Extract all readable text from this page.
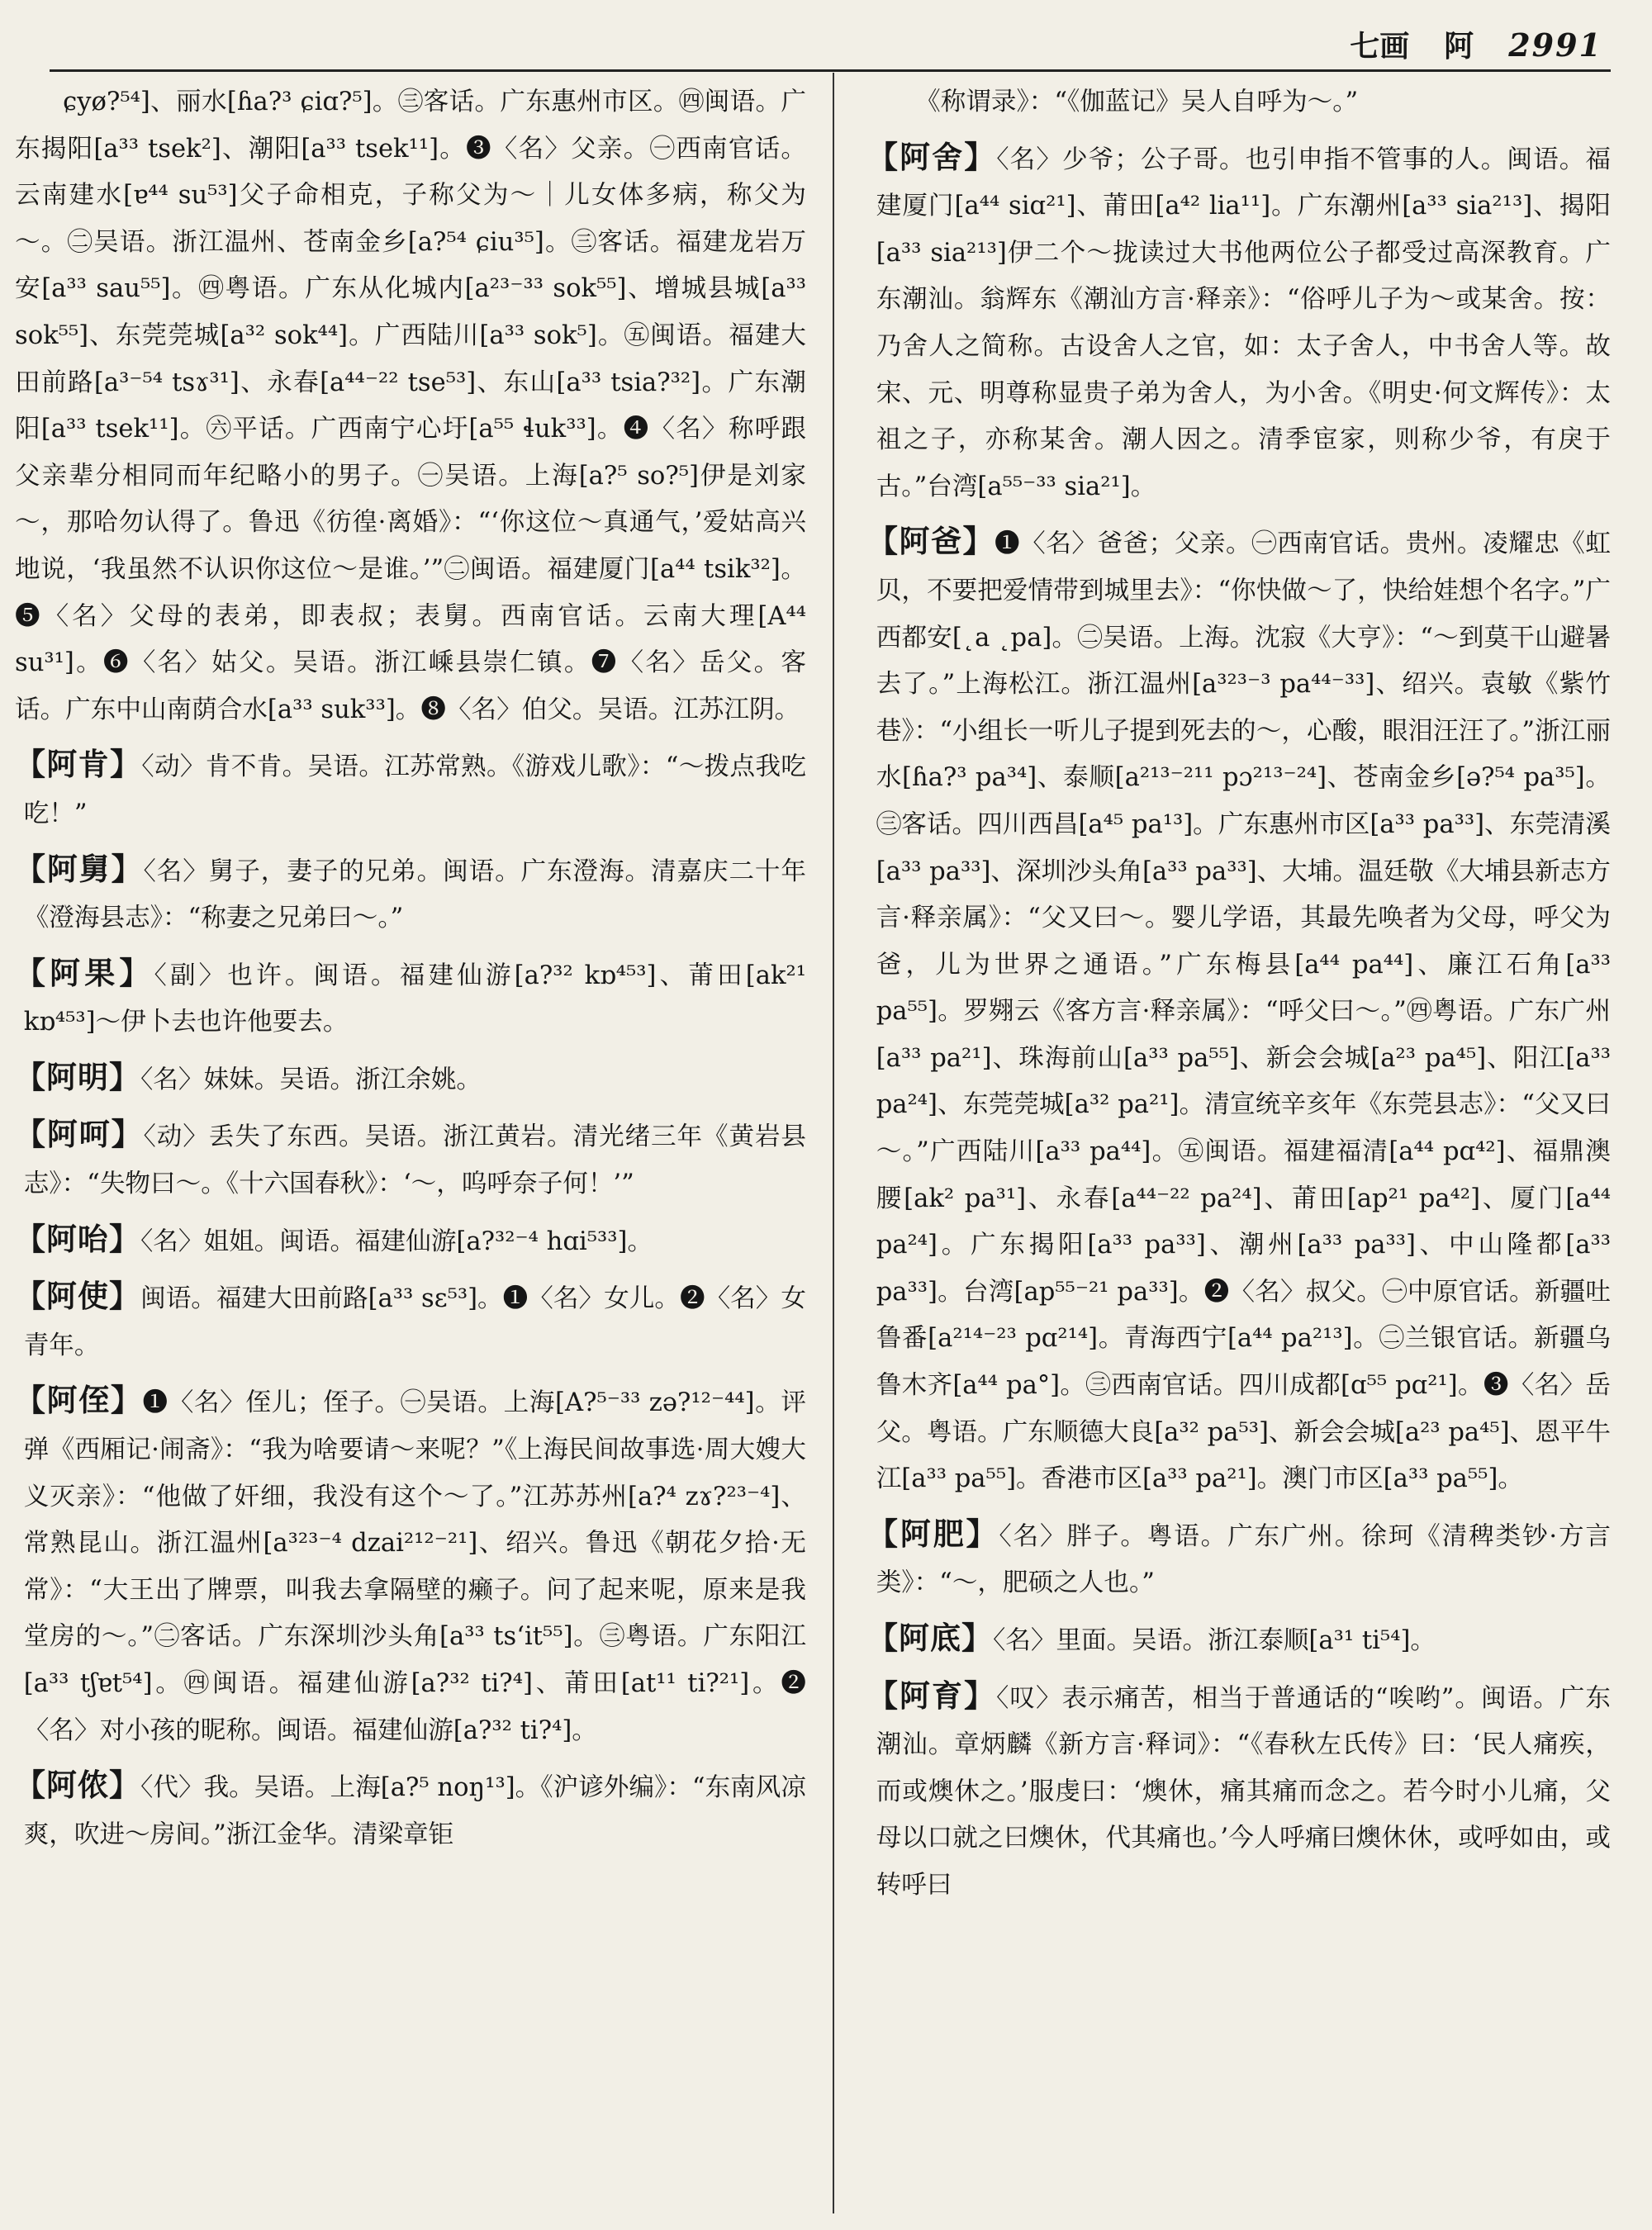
七画 阿 2991

ɕyø?⁵⁴]、丽水[ɦa?³ ɕiɑ?⁵]。㊂客话。广东惠州市区。㊃闽语。广东揭阳[a³³ tsek²]、潮阳[a³³ tsek¹¹]。❸〈名〉父亲。㊀西南官话。云南建水[ɐ⁴⁴ su⁵³]父子命相克，子称父为～｜儿女体多病，称父为～。㊁吴语。浙江温州、苍南金乡[a?⁵⁴ ɕiu³⁵]。㊂客话。福建龙岩万安[a³³ sau⁵⁵]。㊃粤语。广东从化城内[a²³⁻³³ sok⁵⁵]、增城县城[a³³ sok⁵⁵]、东莞莞城[a³² sok⁴⁴]。广西陆川[a³³ sok⁵]。㊄闽语。福建大田前路[a³⁻⁵⁴ tsɤ³¹]、永春[a⁴⁴⁻²² tse⁵³]、东山[a³³ tsia?³²]。广东潮阳[a³³ tsek¹¹]。㊅平话。广西南宁心圩[a⁵⁵ ɬuk³³]。❹〈名〉称呼跟父亲辈分相同而年纪略小的男子。㊀吴语。上海[a?⁵ so?⁵]伊是刘家～，那哈勿认得了。鲁迅《彷徨·离婚》：“‘你这位～真通气，’爱姑高兴地说，‘我虽然不认识你这位～是谁。’”㊁闽语。福建厦门[a⁴⁴ tsik³²]。❺〈名〉父母的表弟，即表叔；表舅。西南官话。云南大理[A⁴⁴ su³¹]。❻〈名〉姑父。吴语。浙江嵊县崇仁镇。❼〈名〉岳父。客话。广东中山南荫合水[a³³ suk³³]。❽〈名〉伯父。吴语。江苏江阴。

【阿肯】〈动〉肯不肯。吴语。江苏常熟。《游戏儿歌》：“～拨点我吃吃！”

【阿舅】〈名〉舅子，妻子的兄弟。闽语。广东澄海。清嘉庆二十年《澄海县志》：“称妻之兄弟曰～。”

【阿果】〈副〉也许。闽语。福建仙游[a?³² kɒ⁴⁵³]、莆田[ak²¹ kɒ⁴⁵³]～伊卜去也许他要去。

【阿明】〈名〉妹妹。吴语。浙江余姚。

【阿呵】〈动〉丢失了东西。吴语。浙江黄岩。清光绪三年《黄岩县志》：“失物曰～。《十六国春秋》：‘～，呜呼奈子何！’”

【阿咍】〈名〉姐姐。闽语。福建仙游[a?³²⁻⁴ hɑi⁵³³]。

【阿使】闽语。福建大田前路[a³³ sɛ⁵³]。❶〈名〉女儿。❷〈名〉女青年。

【阿侄】❶〈名〉侄儿；侄子。㊀吴语。上海[A?⁵⁻³³ zə?¹²⁻⁴⁴]。评弹《西厢记·闹斋》：“我为啥要请～来呢？”《上海民间故事选·周大嫂大义灭亲》：“他做了奸细，我没有这个～了。”江苏苏州[a?⁴ zɤ?²³⁻⁴]、常熟昆山。浙江温州[a³²³⁻⁴ dzai²¹²⁻²¹]、绍兴。鲁迅《朝花夕拾·无常》：“大王出了牌票，叫我去拿隔壁的癞子。问了起来呢，原来是我堂房的～。”㊁客话。广东深圳沙头角[a³³ tsʻit⁵⁵]。㊂粤语。广东阳江[a³³ tʃɐt⁵⁴]。㊃闽语。福建仙游[a?³² ti?⁴]、莆田[at¹¹ ti?²¹]。❷〈名〉对小孩的昵称。闽语。福建仙游[a?³² ti?⁴]。

【阿侬】〈代〉我。吴语。上海[a?⁵ noŋ¹³]。《沪谚外编》：“东南风凉爽，吹进～房间。”浙江金华。清梁章钜

《称谓录》：“《伽蓝记》吴人自呼为～。”

【阿舍】〈名〉少爷；公子哥。也引申指不管事的人。闽语。福建厦门[a⁴⁴ siɑ²¹]、莆田[a⁴² lia¹¹]。广东潮州[a³³ sia²¹³]、揭阳[a³³ sia²¹³]伊二个～拢读过大书他两位公子都受过高深教育。广东潮汕。翁辉东《潮汕方言·释亲》：“俗呼儿子为～或某舍。按：乃舍人之简称。古设舍人之官，如：太子舍人，中书舍人等。故宋、元、明尊称显贵子弟为舍人，为小舍。《明史·何文辉传》：太祖之子，亦称某舍。潮人因之。清季宦家，则称少爷，有戾于古。”台湾[a⁵⁵⁻³³ sia²¹]。

【阿爸】❶〈名〉爸爸；父亲。㊀西南官话。贵州。凌耀忠《虹贝，不要把爱情带到城里去》：“你快做～了，快给娃想个名字。”广西都安[˛a ˛pa]。㊁吴语。上海。沈寂《大亨》：“～到莫干山避暑去了。”上海松江。浙江温州[a³²³⁻³ pa⁴⁴⁻³³]、绍兴。袁敏《紫竹巷》：“小组长一听儿子提到死去的～，心酸，眼泪汪汪了。”浙江丽水[ɦa?³ pa³⁴]、泰顺[a²¹³⁻²¹¹ pɔ²¹³⁻²⁴]、苍南金乡[ə?⁵⁴ pa³⁵]。㊂客话。四川西昌[a⁴⁵ pa¹³]。广东惠州市区[a³³ pa³³]、东莞清溪[a³³ pa³³]、深圳沙头角[a³³ pa³³]、大埔。温廷敬《大埔县新志方言·释亲属》：“父又曰～。婴儿学语，其最先唤者为父母，呼父为爸，儿为世界之通语。”广东梅县[a⁴⁴ pa⁴⁴]、廉江石角[a³³ pa⁵⁵]。罗翙云《客方言·释亲属》：“呼父曰～。”㊃粤语。广东广州[a³³ pa²¹]、珠海前山[a³³ pa⁵⁵]、新会会城[a²³ pa⁴⁵]、阳江[a³³ pa²⁴]、东莞莞城[a³² pa²¹]。清宣统辛亥年《东莞县志》：“父又曰～。”广西陆川[a³³ pa⁴⁴]。㊄闽语。福建福清[a⁴⁴ pɑ⁴²]、福鼎澳腰[ak² pa³¹]、永春[a⁴⁴⁻²² pa²⁴]、莆田[ap²¹ pa⁴²]、厦门[a⁴⁴ pa²⁴]。广东揭阳[a³³ pa³³]、潮州[a³³ pa³³]、中山隆都[a³³ pa³³]。台湾[ap⁵⁵⁻²¹ pa³³]。❷〈名〉叔父。㊀中原官话。新疆吐鲁番[a²¹⁴⁻²³ pɑ²¹⁴]。青海西宁[a⁴⁴ pa²¹³]。㊁兰银官话。新疆乌鲁木齐[a⁴⁴ pa°]。㊂西南官话。四川成都[ɑ⁵⁵ pɑ²¹]。❸〈名〉岳父。粤语。广东顺德大良[a³² pa⁵³]、新会会城[a²³ pa⁴⁵]、恩平牛江[a³³ pa⁵⁵]。香港市区[a³³ pa²¹]。澳门市区[a³³ pa⁵⁵]。

【阿肥】〈名〉胖子。粤语。广东广州。徐珂《清稗类钞·方言类》：“～，肥硕之人也。”

【阿底】〈名〉里面。吴语。浙江泰顺[a³¹ ti⁵⁴]。

【阿育】〈叹〉表示痛苦，相当于普通话的“唉哟”。闽语。广东潮汕。章炳麟《新方言·释词》：“《春秋左氏传》曰：‘民人痛疾，而或燠休之。’服虔曰：‘燠休，痛其痛而念之。若今时小儿痛，父母以口就之曰燠休，代其痛也。’今人呼痛曰燠休休，或呼如由，或转呼曰
